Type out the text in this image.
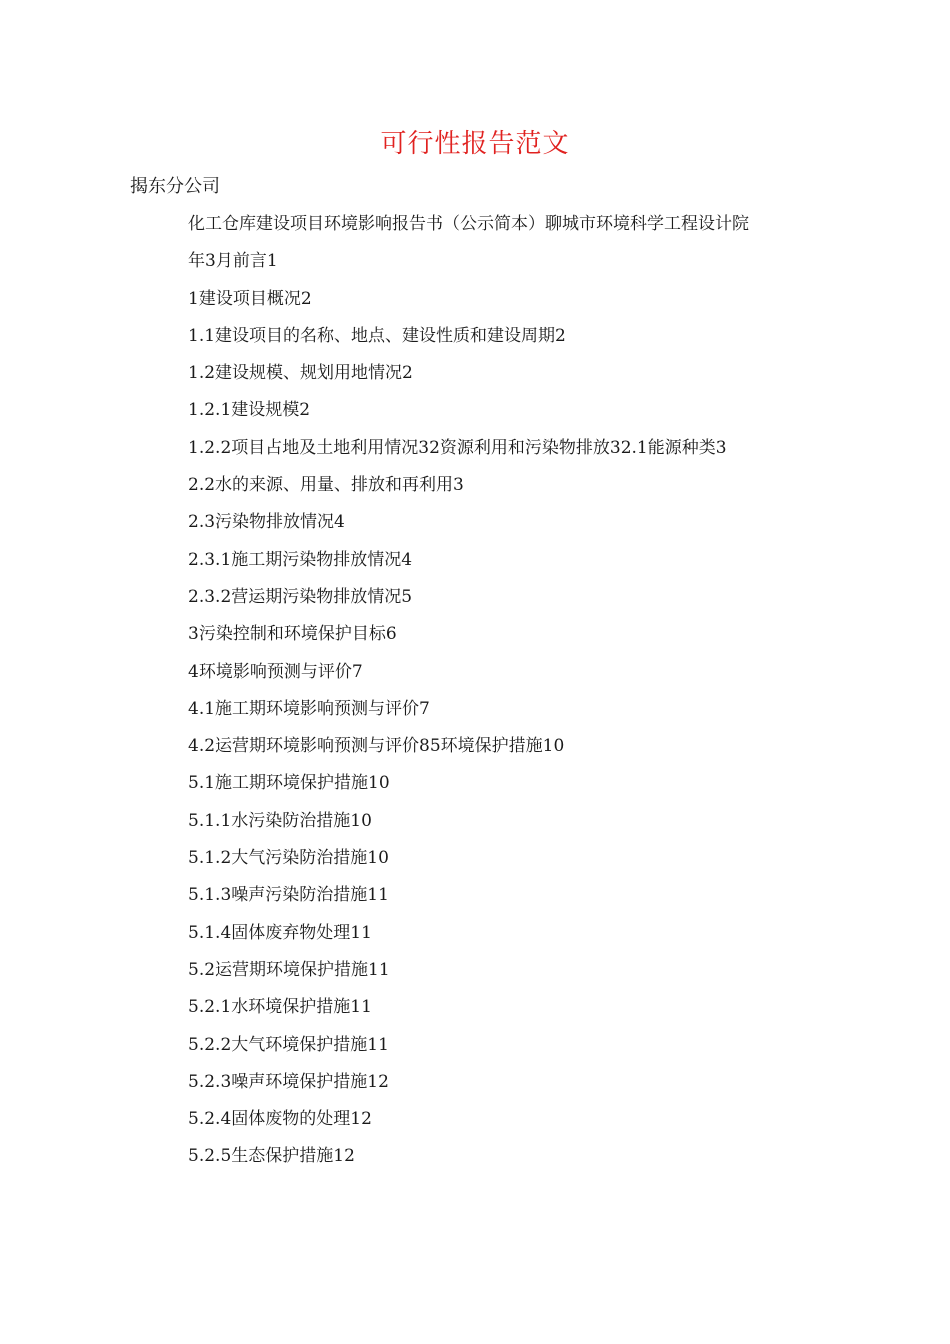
可行性报告范文
揭东分公司
化工仓库建设项目环境影响报告书（公示简本）聊城市环境科学工程设计院
年3月前言1
1建设项目概况2
1.1建设项目的名称、地点、建设性质和建设周期2
1.2建设规模、规划用地情况2
1.2.1建设规模2
1.2.2项目占地及土地利用情况32资源利用和污染物排放32.1能源种类3
2.2水的来源、用量、排放和再利用3
2.3污染物排放情况4
2.3.1施工期污染物排放情况4
2.3.2营运期污染物排放情况5
3污染控制和环境保护目标6
4环境影响预测与评价7
4.1施工期环境影响预测与评价7
4.2运营期环境影响预测与评价85环境保护措施10
5.1施工期环境保护措施10
5.1.1水污染防治措施10
5.1.2大气污染防治措施10
5.1.3噪声污染防治措施11
5.1.4固体废弃物处理11
5.2运营期环境保护措施11
5.2.1水环境保护措施11
5.2.2大气环境保护措施11
5.2.3噪声环境保护措施12
5.2.4固体废物的处理12
5.2.5生态保护措施12
